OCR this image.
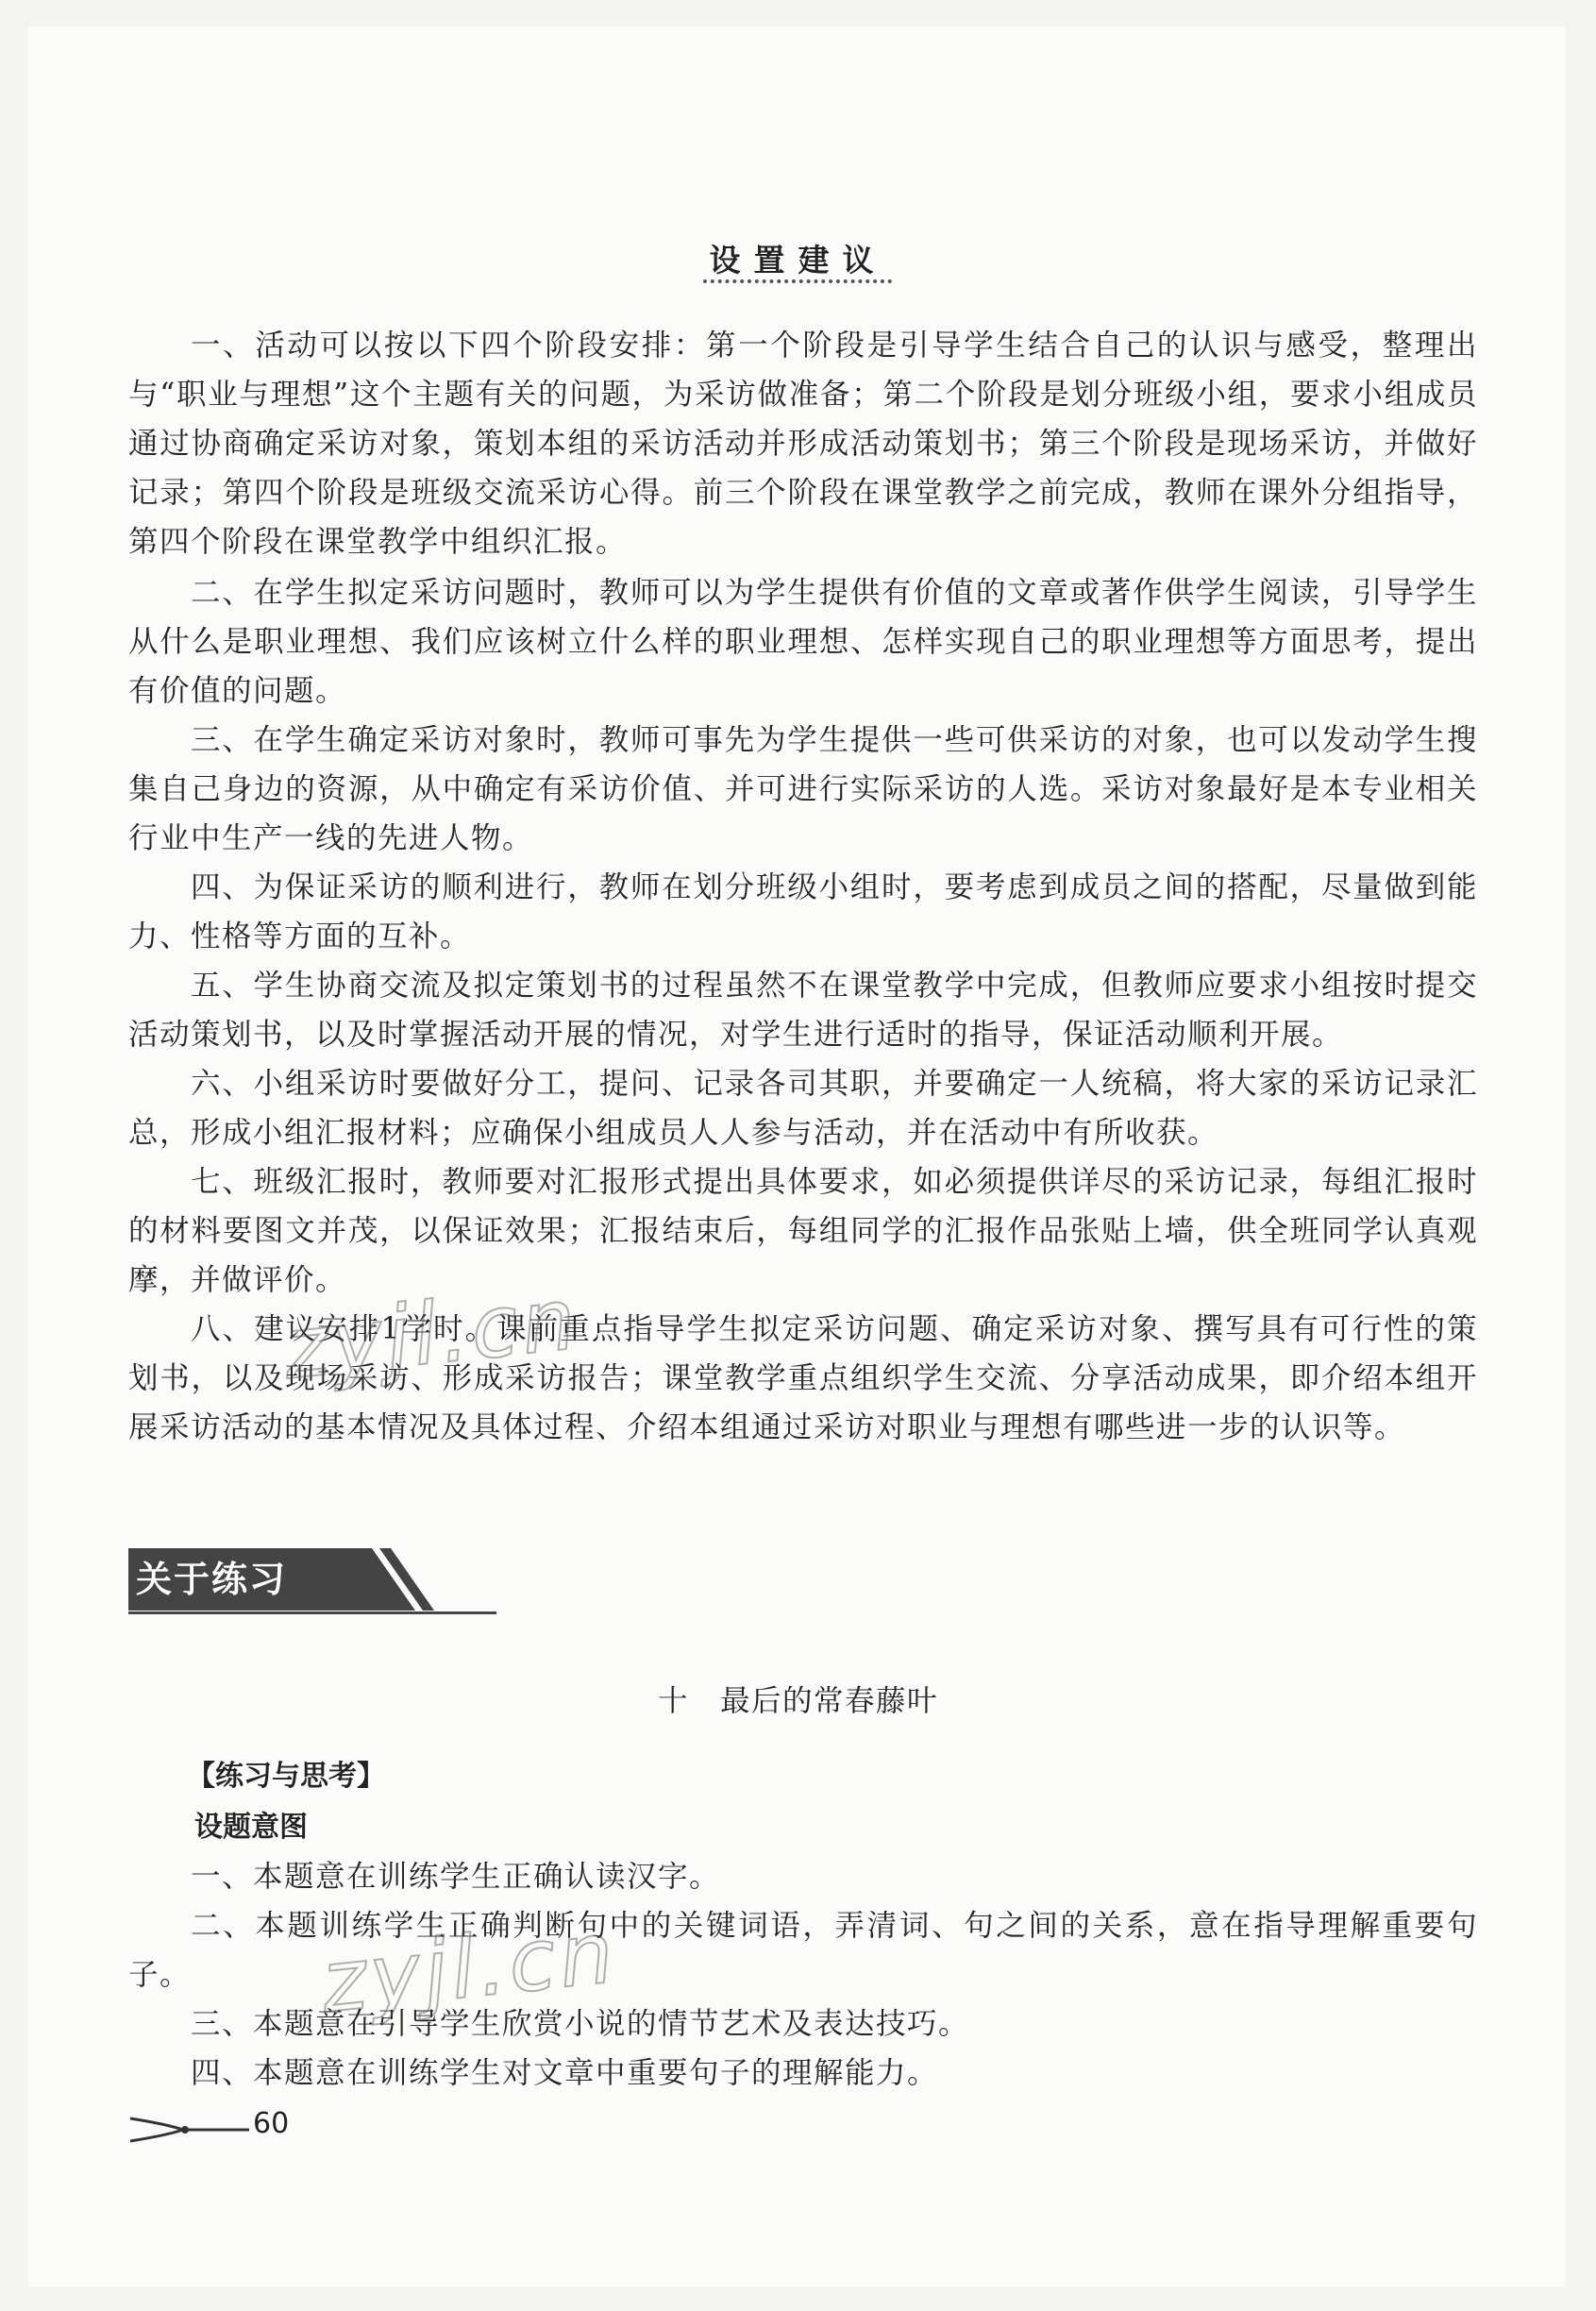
设置建议

一、活动可以按以下四个阶段安排：第一个阶段是引导学生结合自己的认识与感受，整理出与“职业与理想”这个主题有关的问题，为采访做准备；第二个阶段是划分班级小组，要求小组成员通过协商确定采访对象，策划本组的采访活动并形成活动策划书；第三个阶段是现场采访，并做好记录；第四个阶段是班级交流采访心得。前三个阶段在课堂教学之前完成，教师在课外分组指导，第四个阶段在课堂教学中组织汇报。

二、在学生拟定采访问题时，教师可以为学生提供有价值的文章或著作供学生阅读，引导学生从什么是职业理想、我们应该树立什么样的职业理想、怎样实现自己的职业理想等方面思考，提出有价值的问题。

三、在学生确定采访对象时，教师可事先为学生提供一些可供采访的对象，也可以发动学生搜集自己身边的资源，从中确定有采访价值、并可进行实际采访的人选。采访对象最好是本专业相关行业中生产一线的先进人物。

四、为保证采访的顺利进行，教师在划分班级小组时，要考虑到成员之间的搭配，尽量做到能力、性格等方面的互补。

五、学生协商交流及拟定策划书的过程虽然不在课堂教学中完成，但教师应要求小组按时提交活动策划书，以及时掌握活动开展的情况，对学生进行适时的指导，保证活动顺利开展。

六、小组采访时要做好分工，提问、记录各司其职，并要确定一人统稿，将大家的采访记录汇总，形成小组汇报材料；应确保小组成员人人参与活动，并在活动中有所收获。

七、班级汇报时，教师要对汇报形式提出具体要求，如必须提供详尽的采访记录，每组汇报时的材料要图文并茂，以保证效果；汇报结束后，每组同学的汇报作品张贴上墙，供全班同学认真观摩，并做评价。

八、建议安排1学时。课前重点指导学生拟定采访问题、确定采访对象、撰写具有可行性的策划书，以及现场采访、形成采访报告；课堂教学重点组织学生交流、分享活动成果，即介绍本组开展采访活动的基本情况及具体过程、介绍本组通过采访对职业与理想有哪些进一步的认识等。

关于练习
十　最后的常春藤叶
【练习与思考】
设题意图

一、本题意在训练学生正确认读汉字。

二、本题训练学生正确判断句中的关键词语，弄清词、句之间的关系，意在指导理解重要句子。

三、本题意在引导学生欣赏小说的情节艺术及表达技巧。

四、本题意在训练学生对文章中重要句子的理解能力。

60
zyjl.cn
zyjl.cn
